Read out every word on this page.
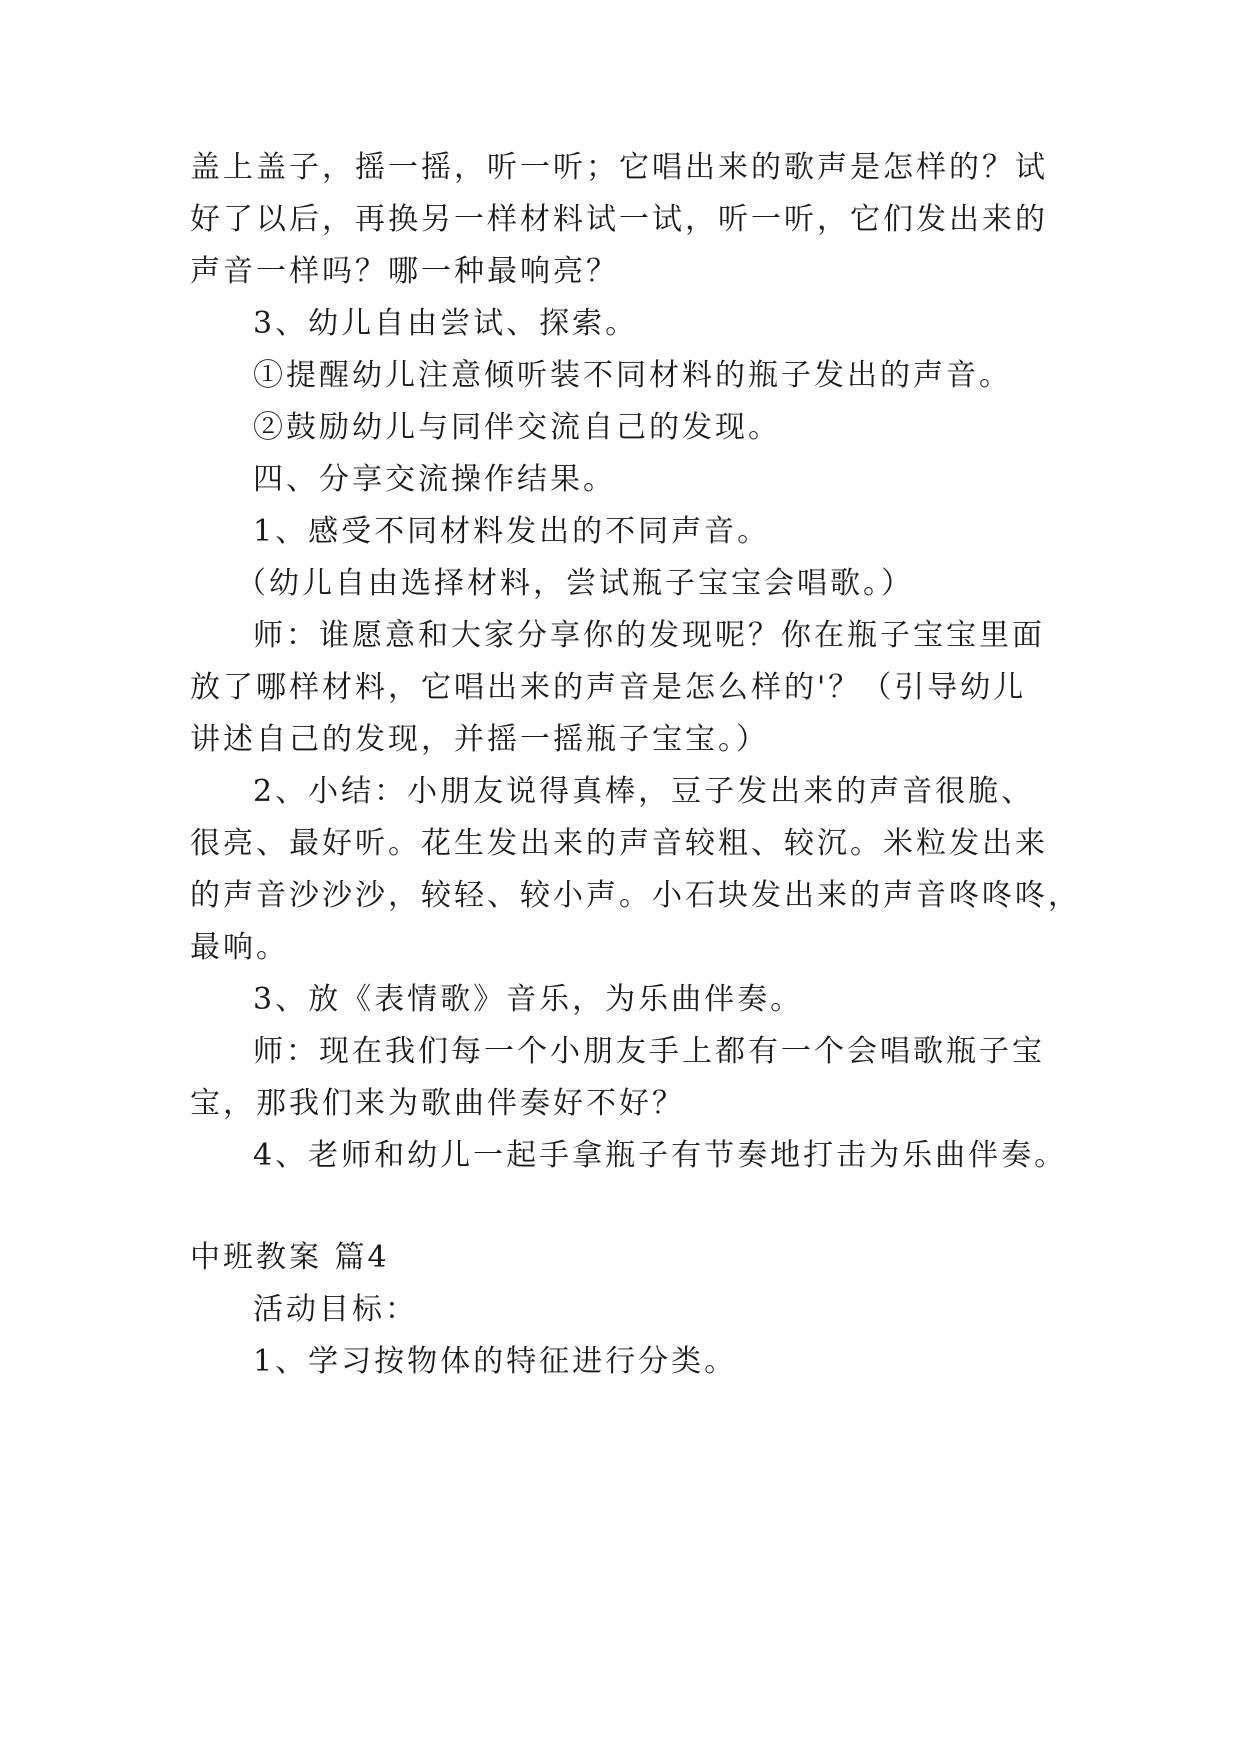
盖上盖子，摇一摇，听一听；它唱出来的歌声是怎样的？试
好了以后，再换另一样材料试一试，听一听，它们发出来的
声音一样吗？哪一种最响亮？
3、幼儿自由尝试、探索。
①提醒幼儿注意倾听装不同材料的瓶子发出的声音。
②鼓励幼儿与同伴交流自己的发现。
四、分享交流操作结果。
1、感受不同材料发出的不同声音。
（幼儿自由选择材料，尝试瓶子宝宝会唱歌。）
师：谁愿意和大家分享你的发现呢？你在瓶子宝宝里面
放了哪样材料，它唱出来的声音是怎么样的'？（引导幼儿
讲述自己的发现，并摇一摇瓶子宝宝。）
2、小结：小朋友说得真棒，豆子发出来的声音很脆、
很亮、最好听。花生发出来的声音较粗、较沉。米粒发出来
的声音沙沙沙，较轻、较小声。小石块发出来的声音咚咚咚，
最响。
3、放《表情歌》音乐，为乐曲伴奏。
师：现在我们每一个小朋友手上都有一个会唱歌瓶子宝
宝，那我们来为歌曲伴奏好不好？
4、老师和幼儿一起手拿瓶子有节奏地打击为乐曲伴奏。
中班教案 篇4
活动目标：
1、学习按物体的特征进行分类。
